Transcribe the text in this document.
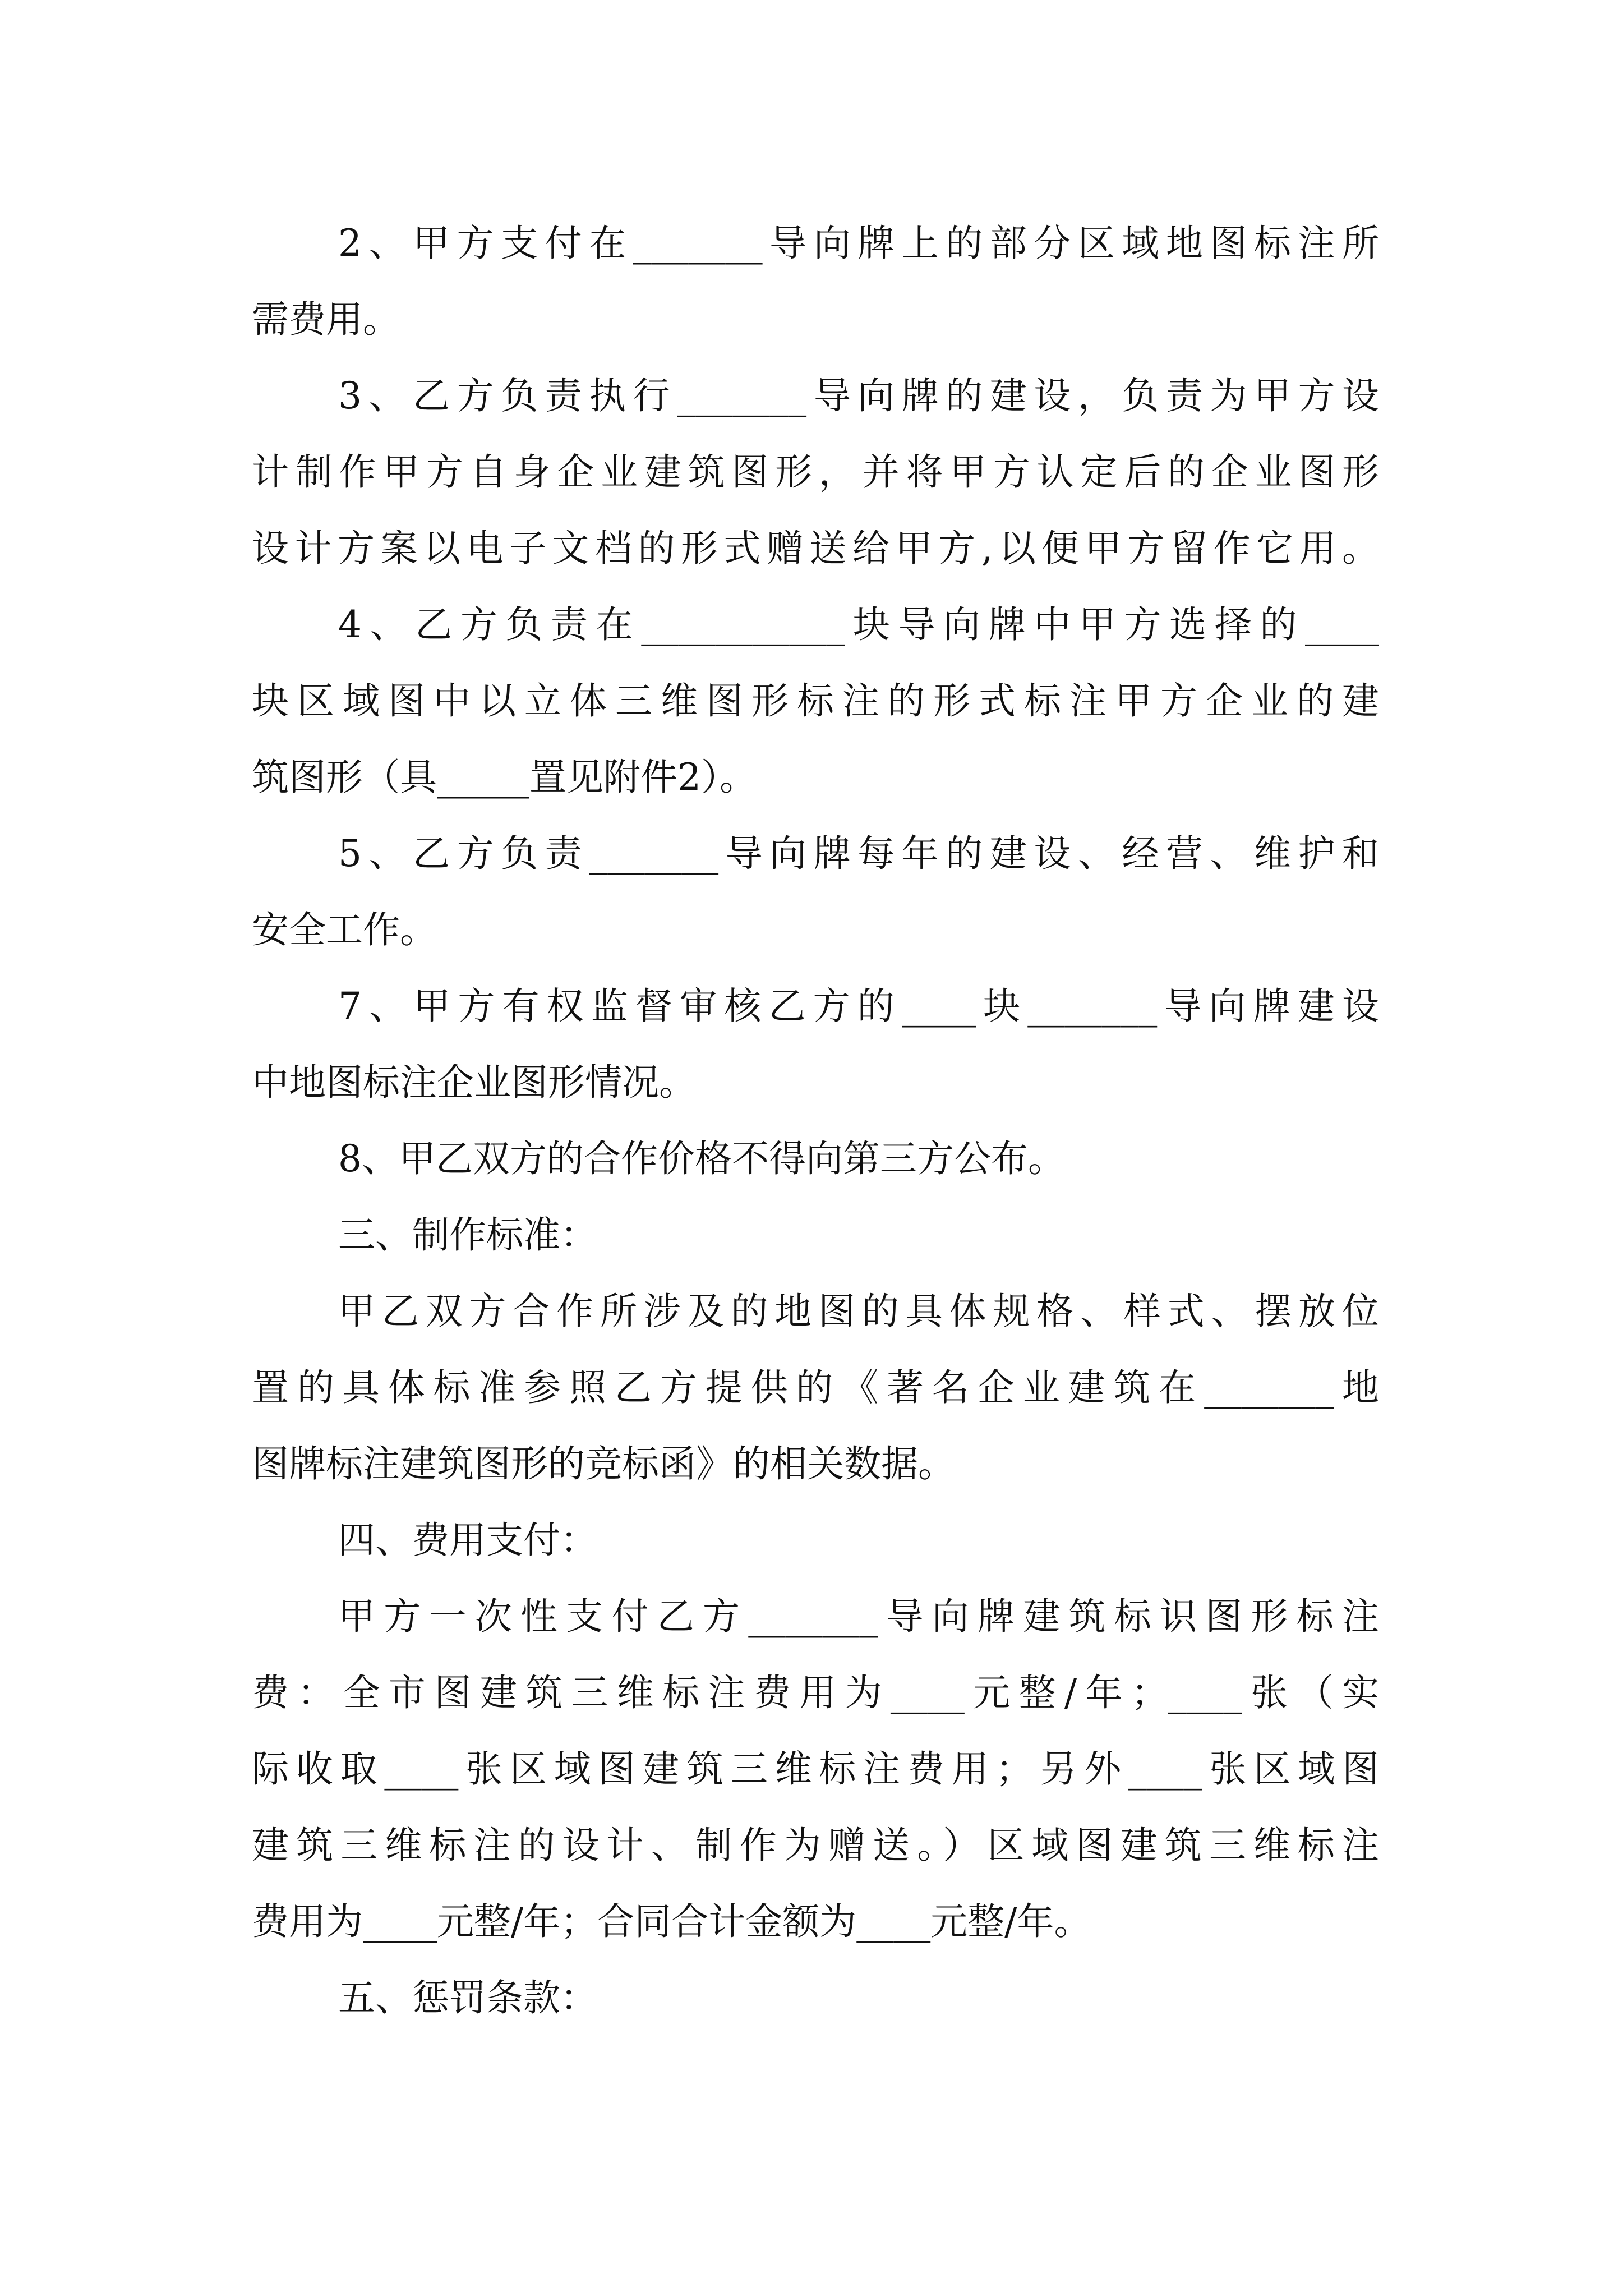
2、甲方支付在_______导向牌上的部分区域地图标注所
需费用。
3、乙方负责执行_______导向牌的建设，负责为甲方设
计制作甲方自身企业建筑图形，并将甲方认定后的企业图形
设计方案以电子文档的形式赠送给甲方,以便甲方留作它用。
4、乙方负责在___________块导向牌中甲方选择的____
块区域图中以立体三维图形标注的形式标注甲方企业的建
筑图形（具_____置见附件2）。
5、乙方负责_______导向牌每年的建设、经营、维护和
安全工作。
7、甲方有权监督审核乙方的____块_______导向牌建设
中地图标注企业图形情况。
8、甲乙双方的合作价格不得向第三方公布。
三、制作标准：
甲乙双方合作所涉及的地图的具体规格、样式、摆放位
置的具体标准参照乙方提供的《著名企业建筑在_______地
图牌标注建筑图形的竞标函》的相关数据。
四、费用支付：
甲方一次性支付乙方_______导向牌建筑标识图形标注
费：全市图建筑三维标注费用为____元整/年；____张（实
际收取____张区域图建筑三维标注费用；另外____张区域图
建筑三维标注的设计、制作为赠送。）区域图建筑三维标注
费用为____元整/年；合同合计金额为____元整/年。
五、惩罚条款：
